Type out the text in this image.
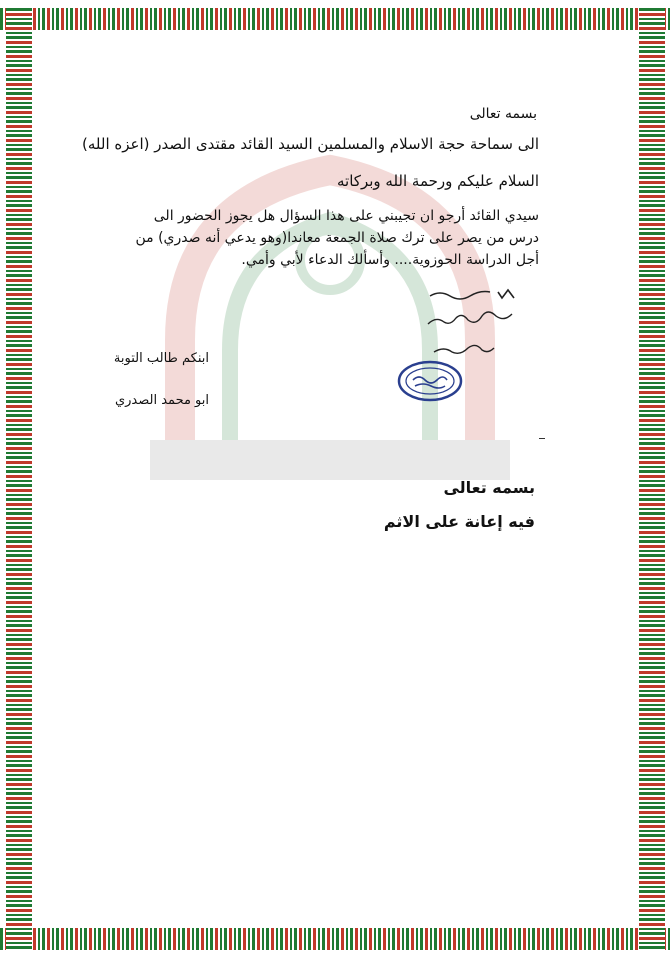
بسمه تعالى
الى سماحة حجة الاسلام والمسلمين السيد القائد مقتدى الصدر (اعزه الله)
السلام عليكم ورحمة الله وبركاته
سيدي القائد أرجو ان تجيبني على هذا السؤال هل يجوز الحضور الى درس من يصر على ترك صلاة الجمعة معاندا(وهو يدعي أنه صدري) من أجل الدراسة الحوزوية.... وأسألك الدعاء لأبي وأمي.
ابنكم طالب التوبة
ابو محمد الصدري
بسمه تعالى
فيه إعانة على الاثم
